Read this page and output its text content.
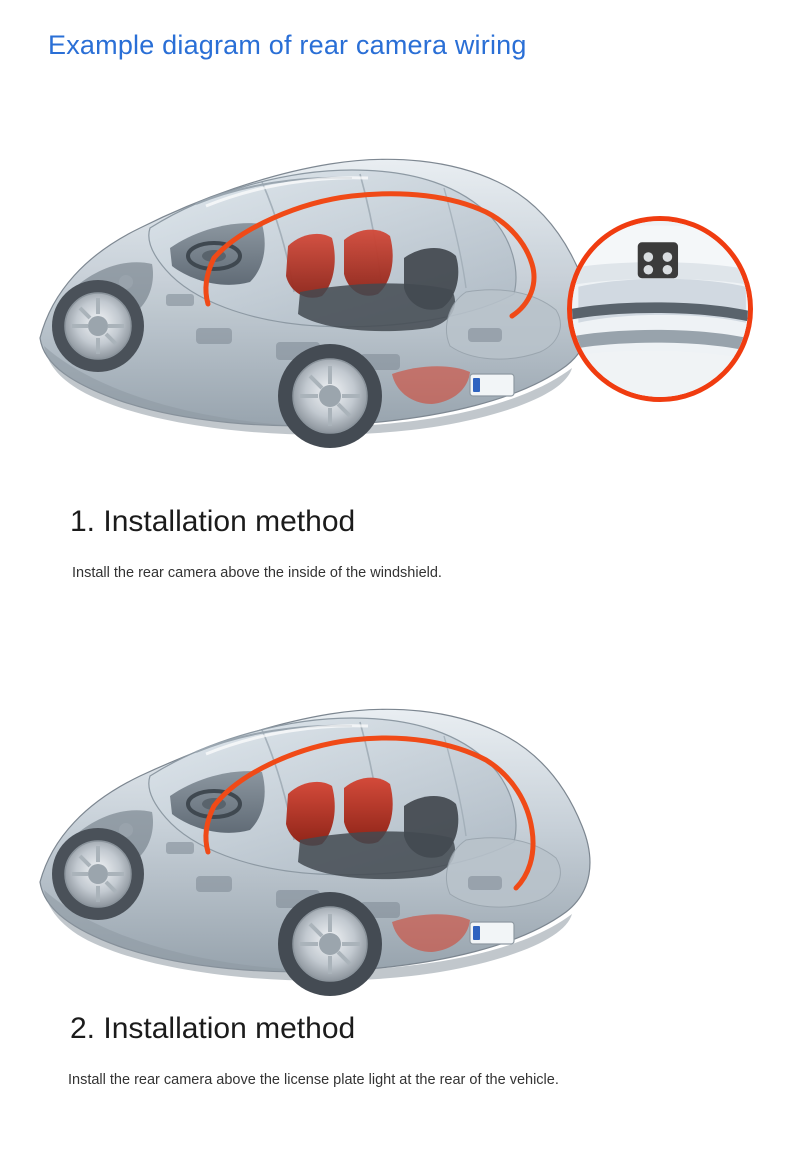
Example diagram of rear camera wiring
1. Installation method
Install the rear camera above the inside of the windshield.
2. Installation method
Install the rear camera above the license plate light at the rear of the vehicle.
